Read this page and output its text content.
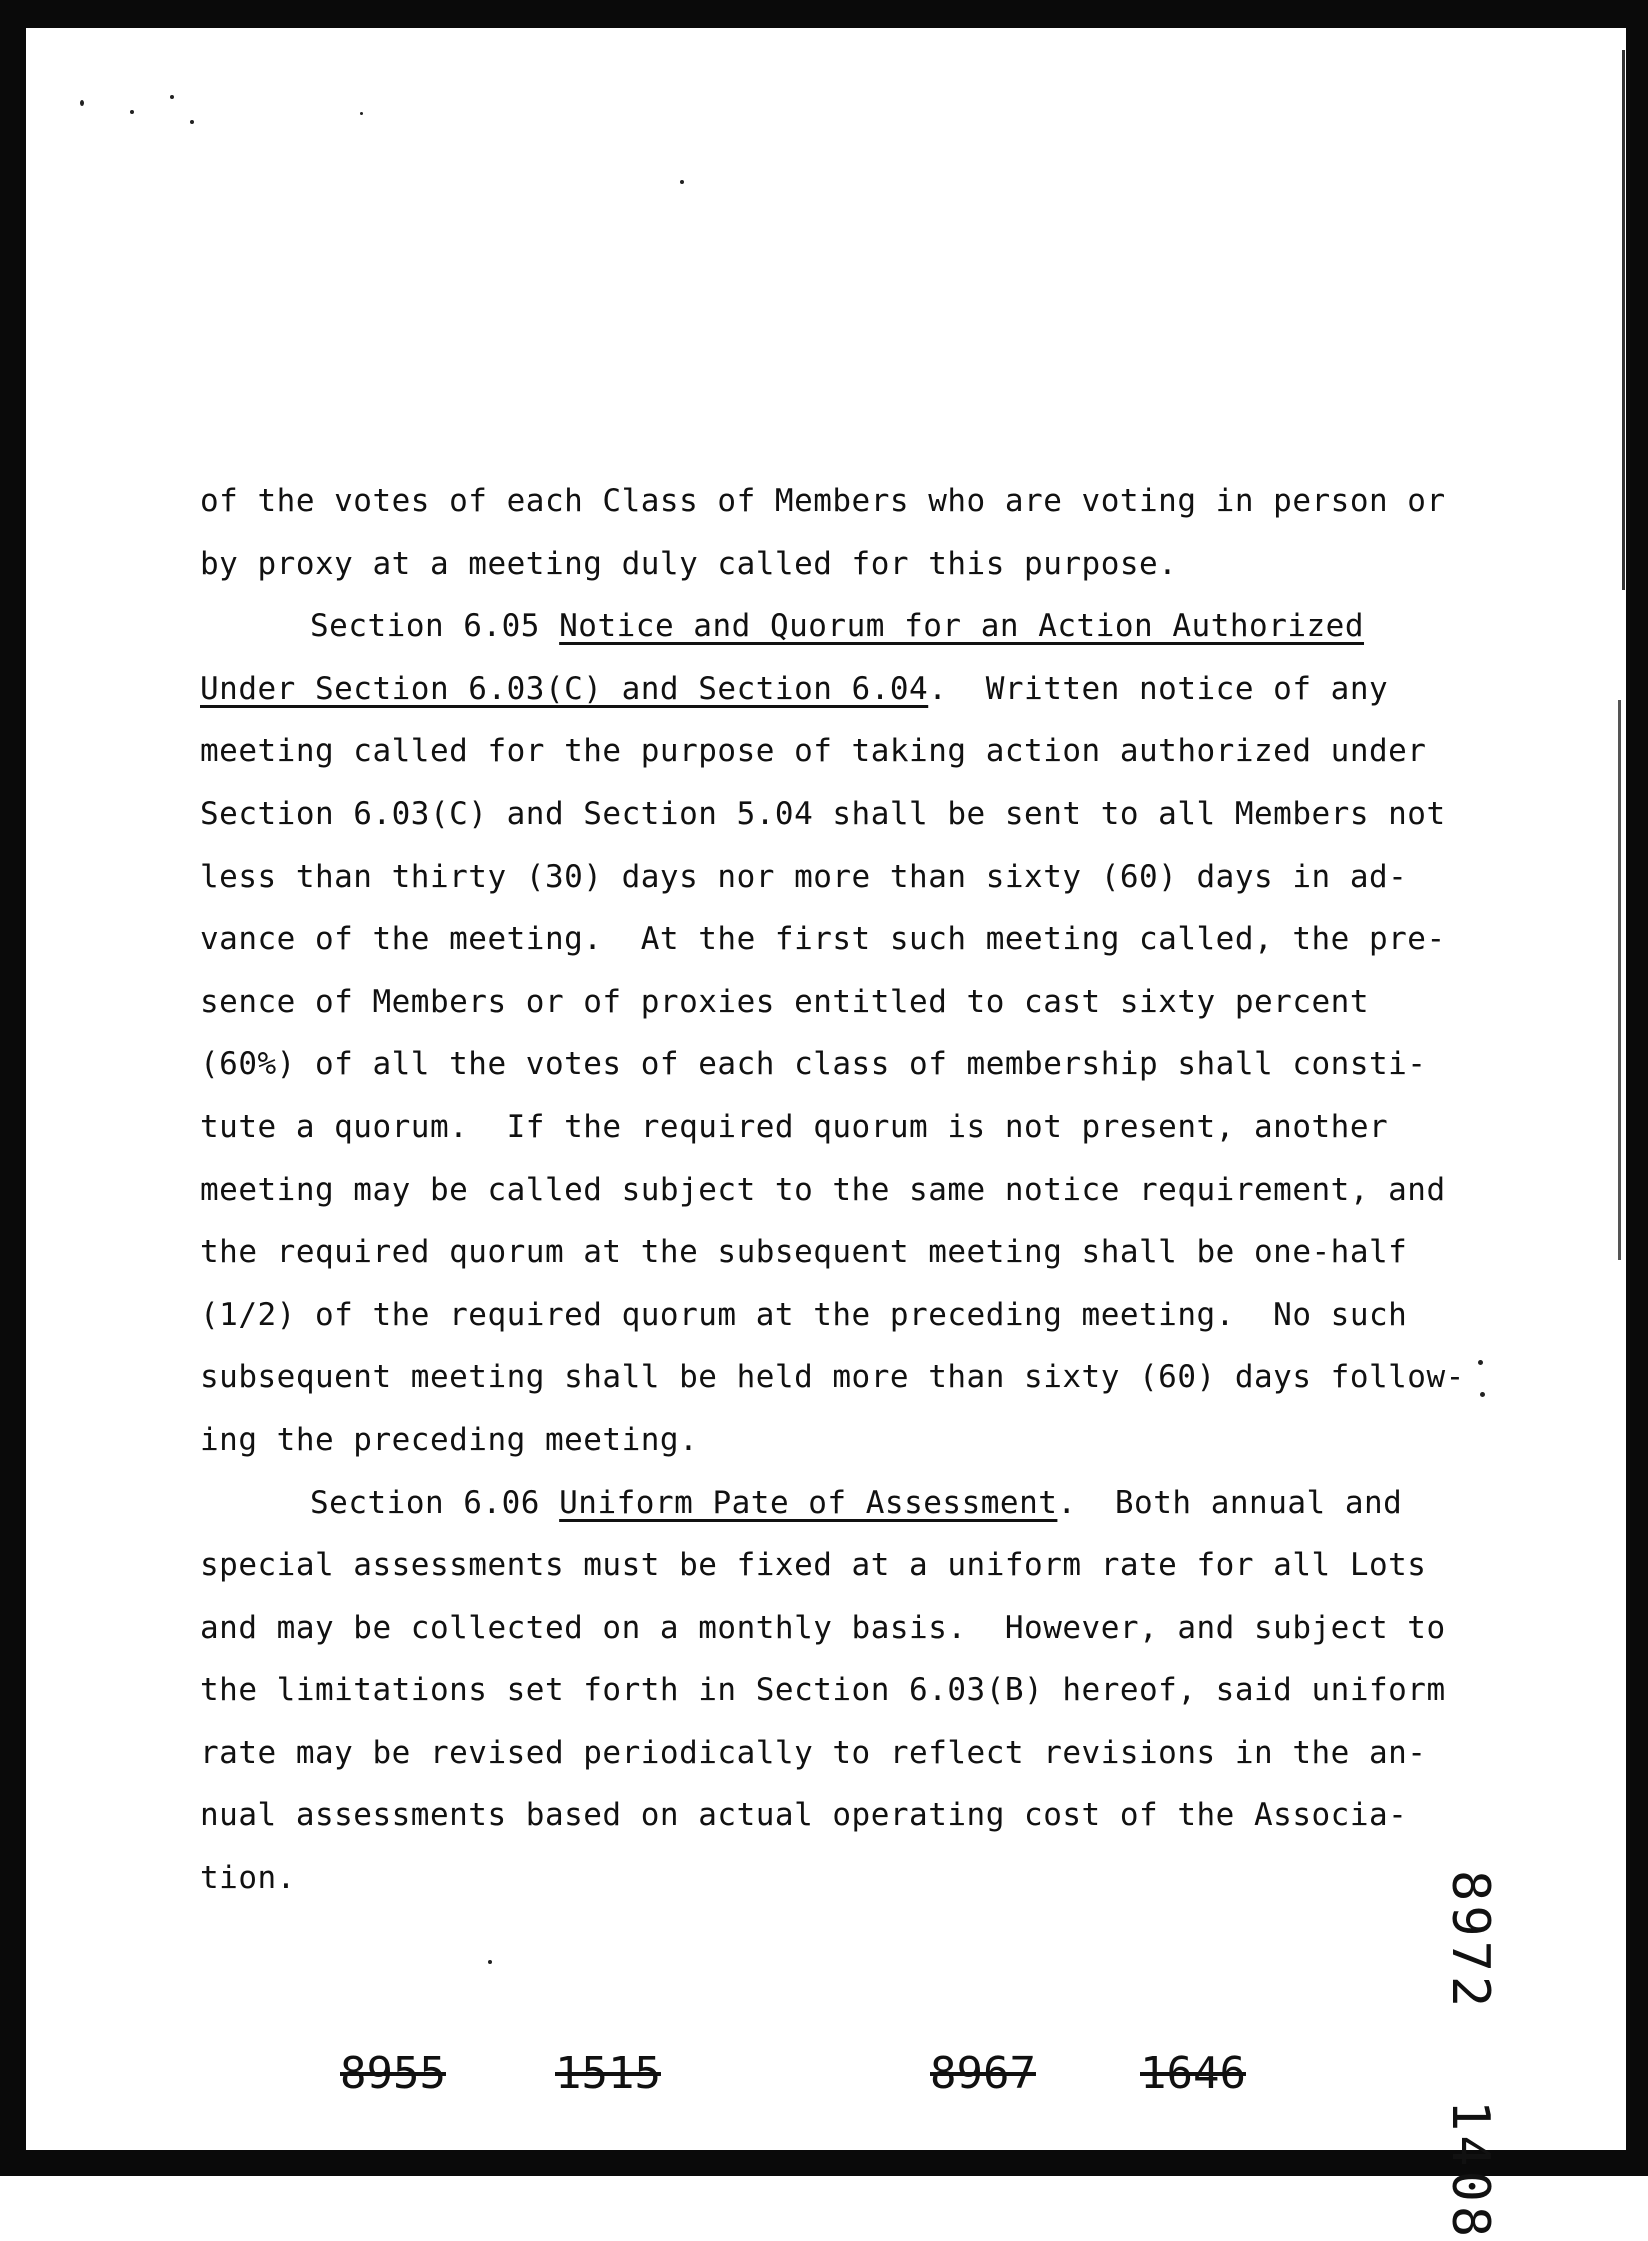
of the votes of each Class of Members who are voting in person or
by proxy at a meeting duly called for this purpose.
Section 6.05 Notice and Quorum for an Action Authorized
Under Section 6.03(C) and Section 6.04.  Written notice of any
meeting called for the purpose of taking action authorized under
Section 6.03(C) and Section 5.04 shall be sent to all Members not
less than thirty (30) days nor more than sixty (60) days in ad-
vance of the meeting.  At the first such meeting called, the pre-
sence of Members or of proxies entitled to cast sixty percent
(60%) of all the votes of each class of membership shall consti-
tute a quorum.  If the required quorum is not present, another
meeting may be called subject to the same notice requirement, and
the required quorum at the subsequent meeting shall be one-half
(1/2) of the required quorum at the preceding meeting.  No such
subsequent meeting shall be held more than sixty (60) days follow-
ing the preceding meeting.
Section 6.06 Uniform Pate of Assessment.  Both annual and
special assessments must be fixed at a uniform rate for all Lots
and may be collected on a monthly basis.  However, and subject to
the limitations set forth in Section 6.03(B) hereof, said uniform
rate may be revised periodically to reflect revisions in the an-
nual assessments based on actual operating cost of the Associa-
tion.

	8972

1408

8955 1515	8967 1646
